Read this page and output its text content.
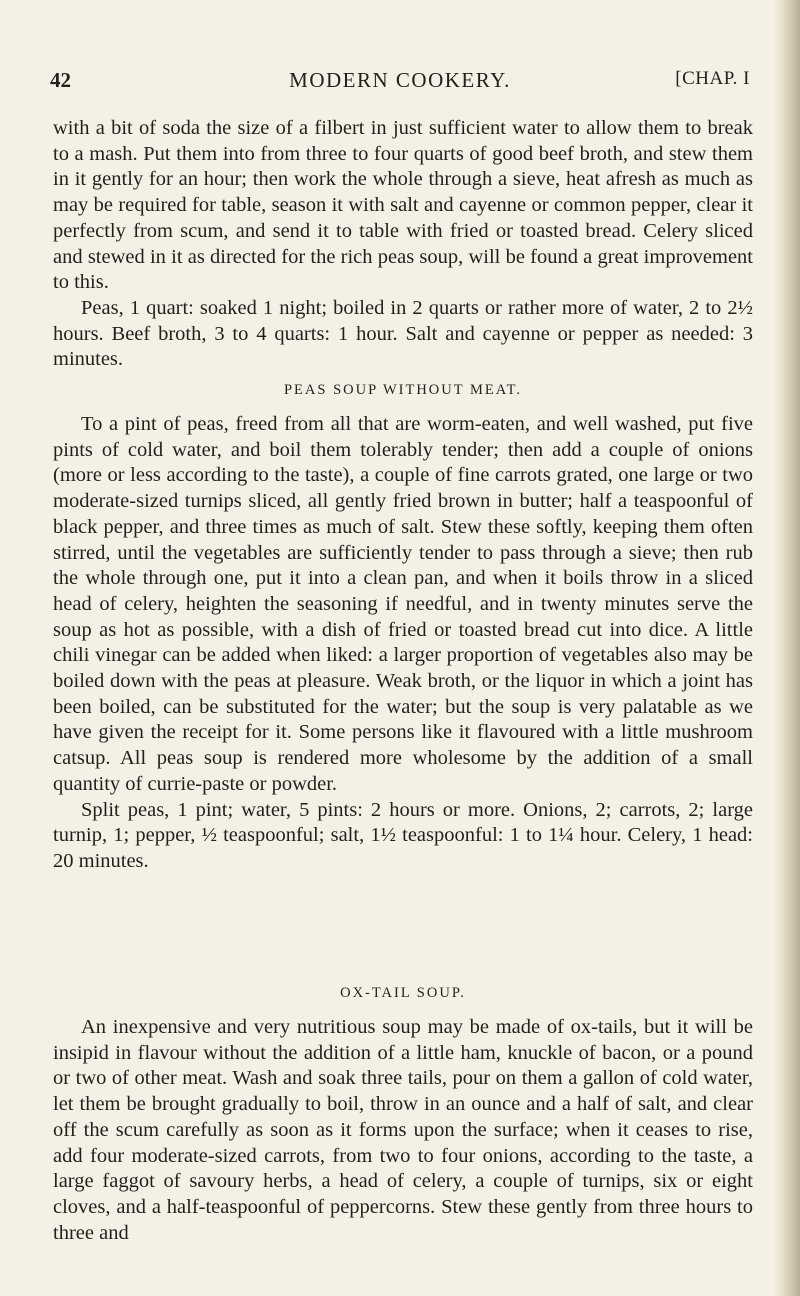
42	MODERN COOKERY.	[CHAP. I

with a bit of soda the size of a filbert in just sufficient water to allow them to break to a mash. Put them into from three to four quarts of good beef broth, and stew them in it gently for an hour; then work the whole through a sieve, heat afresh as much as may be required for table, season it with salt and cayenne or common pepper, clear it perfectly from scum, and send it to table with fried or toasted bread. Celery sliced and stewed in it as directed for the rich peas soup, will be found a great improvement to this.

Peas, 1 quart: soaked 1 night; boiled in 2 quarts or rather more of water, 2 to 2½ hours. Beef broth, 3 to 4 quarts: 1 hour. Salt and cayenne or pepper as needed: 3 minutes.

PEAS SOUP WITHOUT MEAT.

To a pint of peas, freed from all that are worm-eaten, and well washed, put five pints of cold water, and boil them tolerably tender; then add a couple of onions (more or less according to the taste), a couple of fine carrots grated, one large or two moderate-sized turnips sliced, all gently fried brown in butter; half a teaspoonful of black pepper, and three times as much of salt. Stew these softly, keeping them often stirred, until the vegetables are sufficiently tender to pass through a sieve; then rub the whole through one, put it into a clean pan, and when it boils throw in a sliced head of celery, heighten the seasoning if needful, and in twenty minutes serve the soup as hot as possible, with a dish of fried or toasted bread cut into dice. A little chili vinegar can be added when liked: a larger proportion of vegetables also may be boiled down with the peas at pleasure. Weak broth, or the liquor in which a joint has been boiled, can be substituted for the water; but the soup is very palatable as we have given the receipt for it. Some persons like it flavoured with a little mushroom catsup. All peas soup is rendered more wholesome by the addition of a small quantity of currie-paste or powder.

Split peas, 1 pint; water, 5 pints: 2 hours or more. Onions, 2; carrots, 2; large turnip, 1; pepper, ½ teaspoonful; salt, 1½ teaspoonful: 1 to 1¼ hour. Celery, 1 head: 20 minutes.

OX-TAIL SOUP.

An inexpensive and very nutritious soup may be made of ox-tails, but it will be insipid in flavour without the addition of a little ham, knuckle of bacon, or a pound or two of other meat. Wash and soak three tails, pour on them a gallon of cold water, let them be brought gradually to boil, throw in an ounce and a half of salt, and clear off the scum carefully as soon as it forms upon the surface; when it ceases to rise, add four moderate-sized carrots, from two to four onions, according to the taste, a large faggot of savoury herbs, a head of celery, a couple of turnips, six or eight cloves, and a half-teaspoonful of peppercorns. Stew these gently from three hours to three and
